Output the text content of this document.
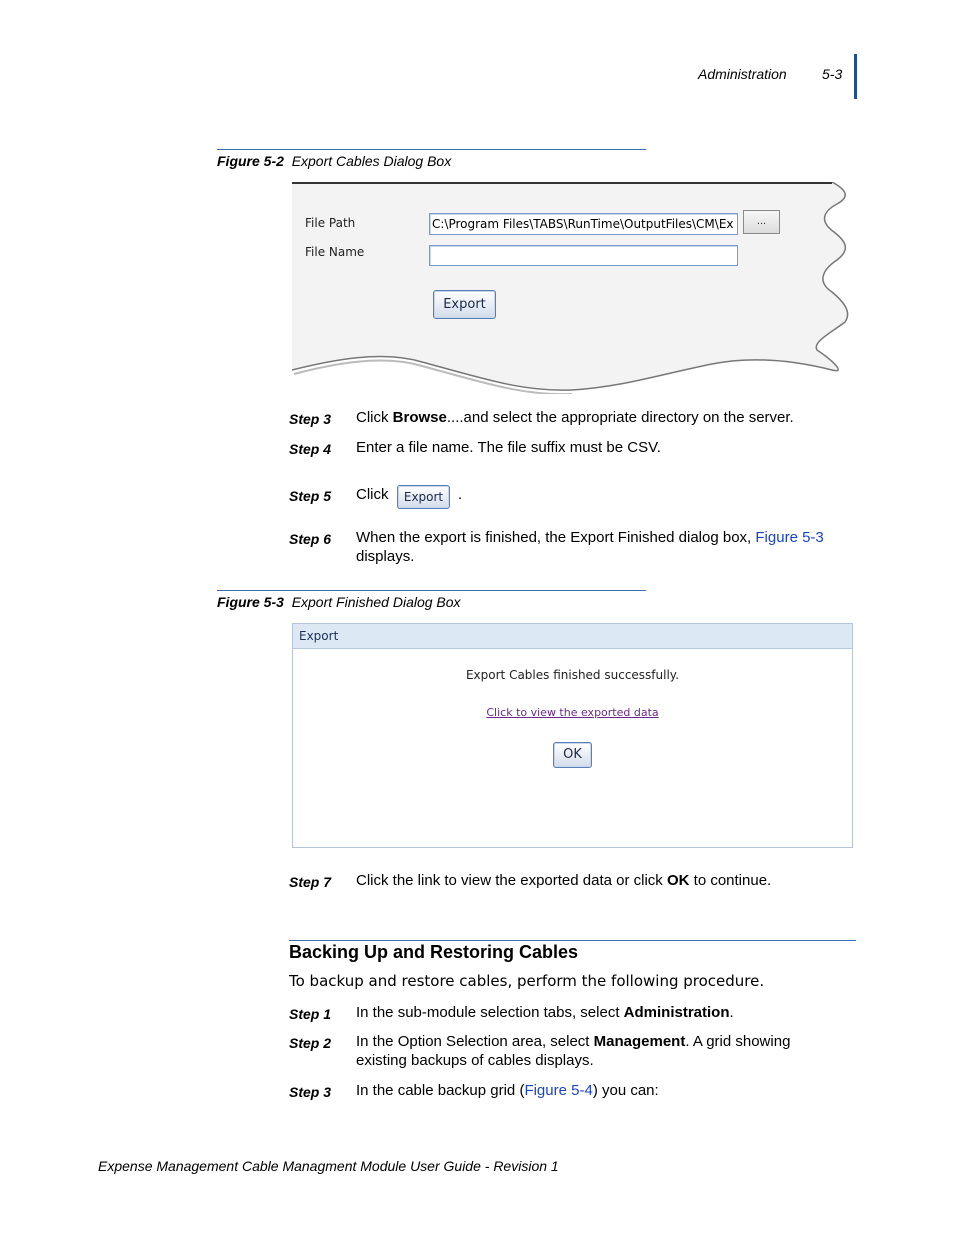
Administration	5-3
Figure 5-2 Export Cables Dialog Box
File Path	C:\Program Files\TABS\RunTime\OutputFiles\CM\Ex	...
File Name
Export
Step 3 Click Browse....and select the appropriate directory on the server.
Step 4 Enter a file name. The file suffix must be CSV.
Step 5 Click	Export .
Step 6 When the export is finished, the Export Finished dialog box, Figure 5-3
displays.
Figure 5-3 Export Finished Dialog Box
Export
Export Cables finished successfully.
Click to view the exported data
OK
Step 7 Click the link to view the exported data or click OK to continue.
Backing Up and Restoring Cables
To backup and restore cables, perform the following procedure.
Step 1 In the sub-module selection tabs, select Administration.
Step 2 In the Option Selection area, select Management. A grid showing
existing backups of cables displays.
Step 3 In the cable backup grid (Figure 5-4) you can:
Expense Management Cable Managment Module User Guide - Revision 1
